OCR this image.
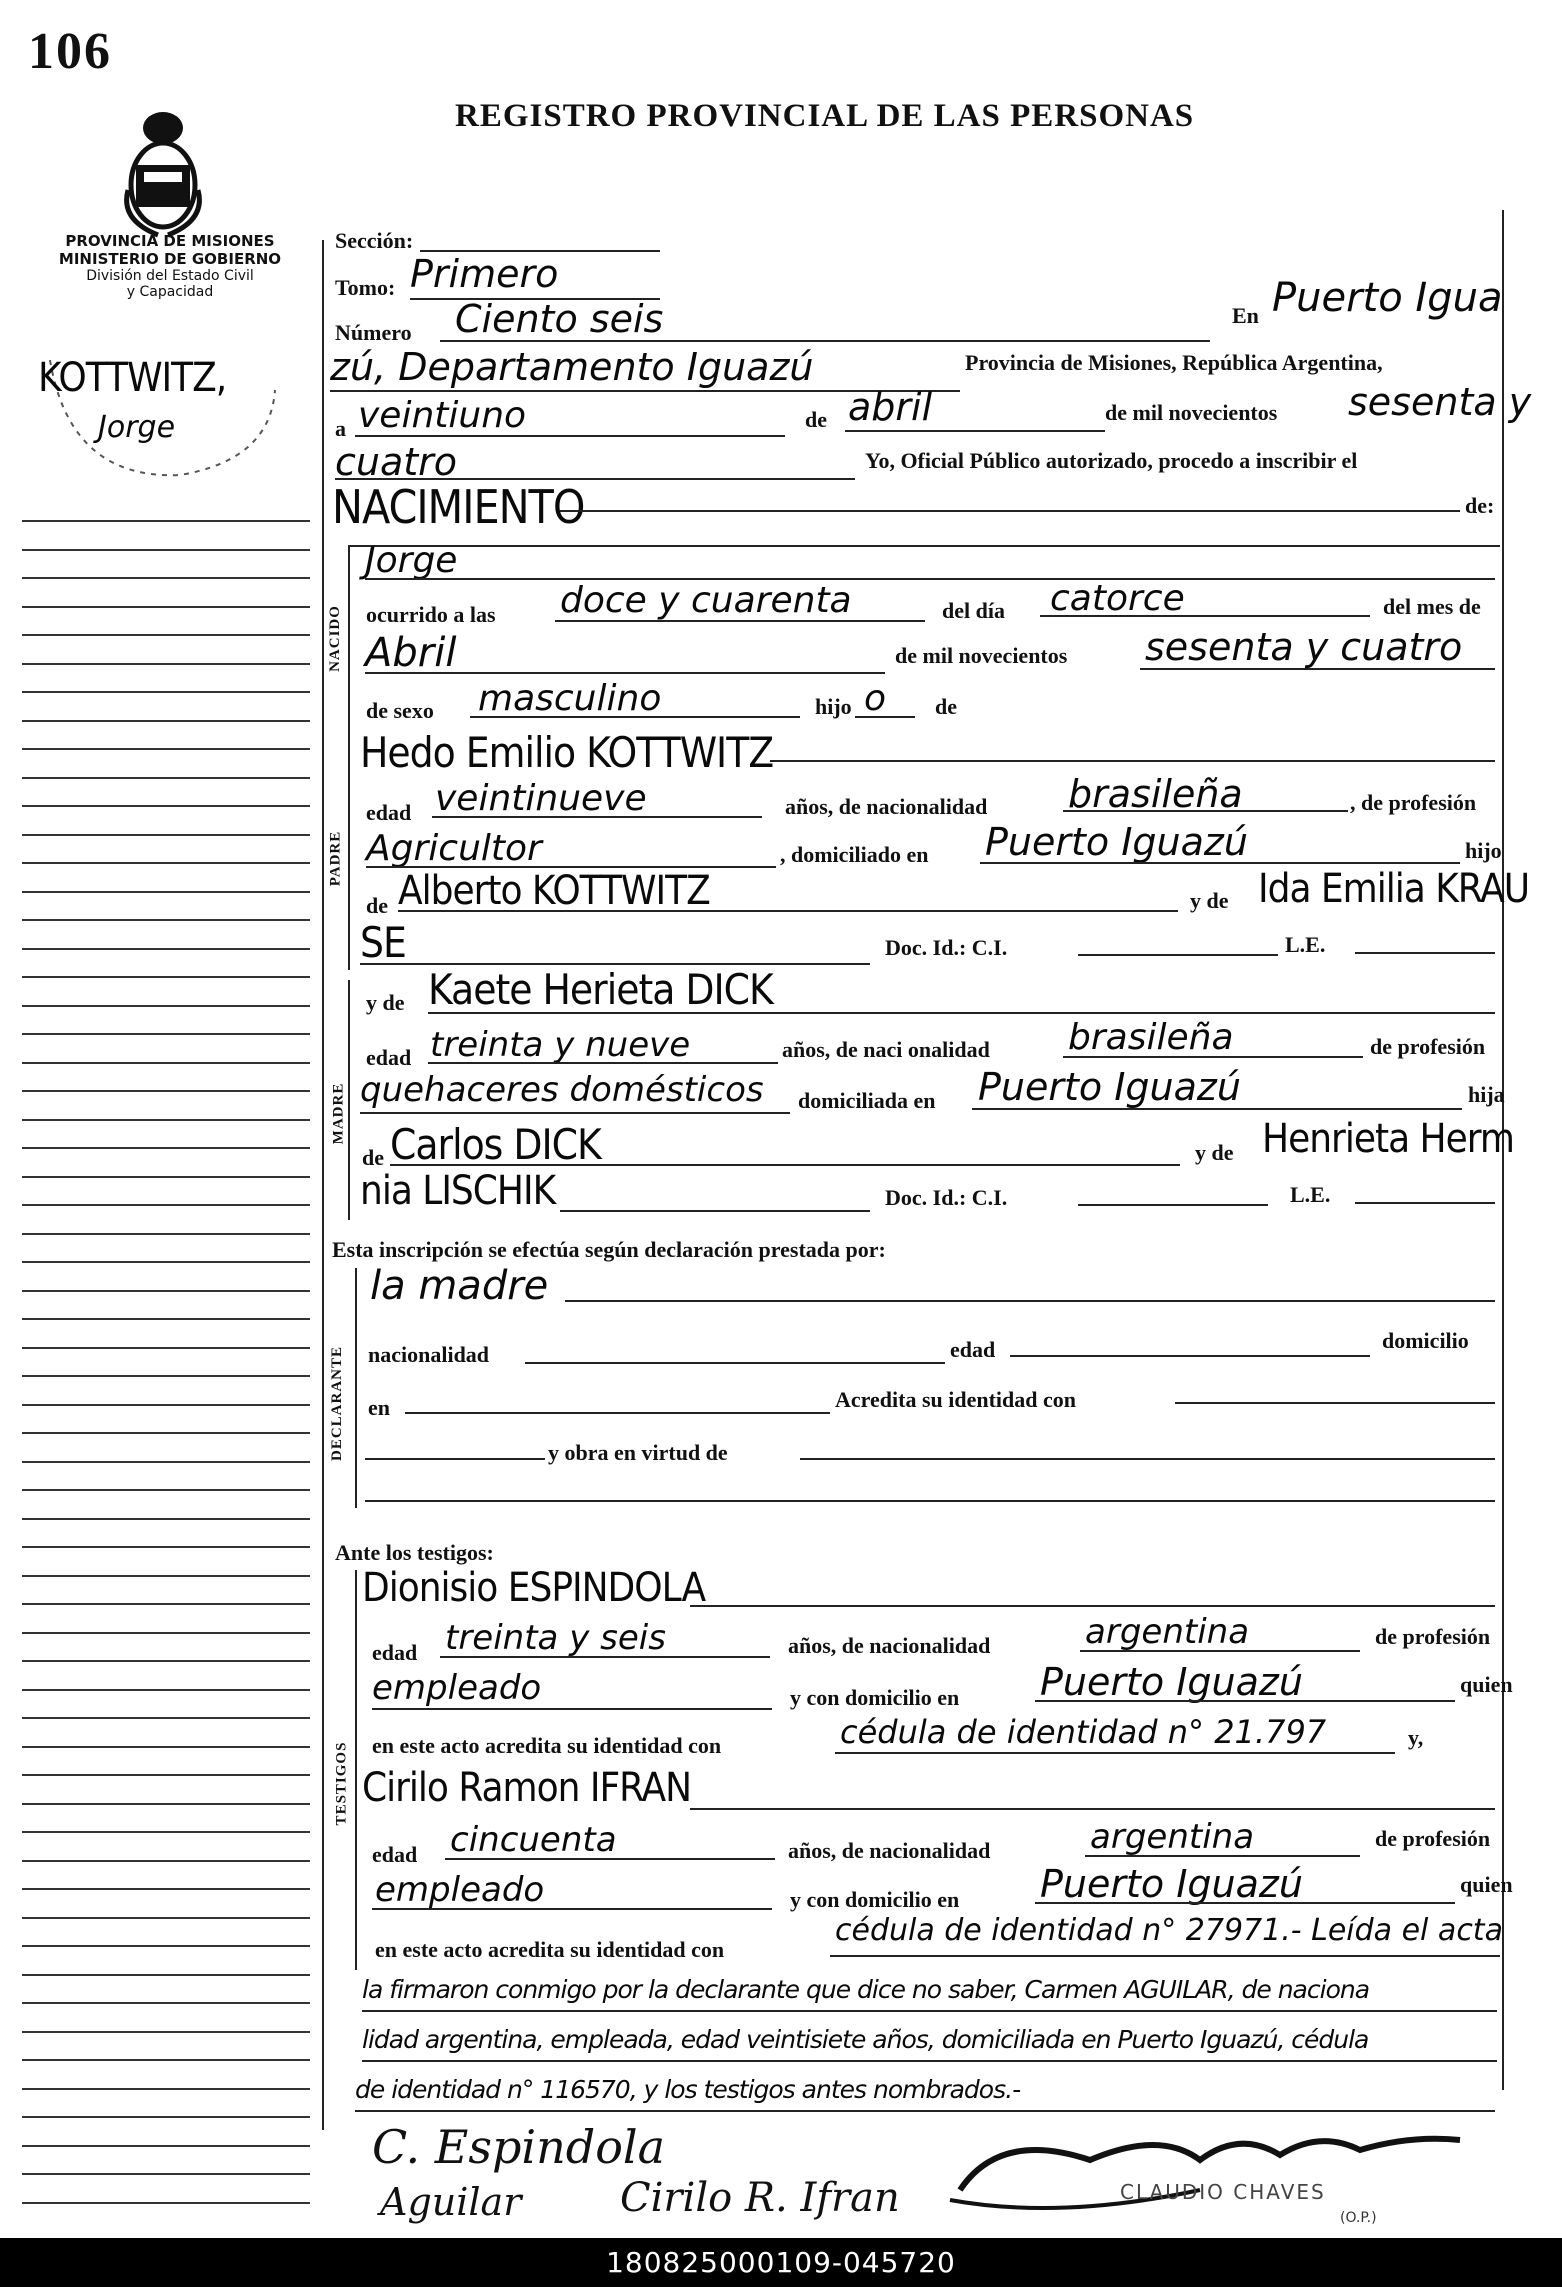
106
REGISTRO PROVINCIAL DE LAS PERSONAS
PROVINCIA DE MISIONES
MINISTERIO DE GOBIERNO
División del Estado Civil
y Capacidad
KOTTWITZ,
Jorge
Sección:
Tomo: Primero
Número Ciento seis	En Puerto Igua
zú, Departamento Iguazú	Provincia de Misiones, República Argentina,
a veintiuno	de abril	de mil novecientos sesenta y
cuatro	Yo, Oficial Público autorizado, procedo a inscribir el
NACIMIENTO	de:
NACIDO
Jorge
ocurrido a las doce y cuarenta	del día catorce	del mes de
Abril	de mil novecientos sesenta y cuatro
de sexo masculino	hijo o de
PADRE
Hedo Emilio KOTTWITZ
edad veintinueve	años, de nacionalidad brasileña	, de profesión
Agricultor	, domiciliado en Puerto Iguazú	hijo
de Alberto KOTTWITZ	y de Ida Emilia KRAU
SE	Doc. Id.: C.I.	L.E.
MADRE
y de Kaete Herieta DICK
edad treinta y nueve	años, de naci onalidad brasileña	de profesión
quehaceres domésticos domiciliada en Puerto Iguazú	hija
de Carlos DICK	y de Henrieta Herm
nia LISCHIK	Doc. Id.: C.I.	L.E.
Esta inscripción se efectúa según declaración prestada por:
DECLARANTE
la madre
nacionalidad	edad	domicilio
en	Acredita su identidad con
y obra en virtud de
Ante los testigos:
TESTIGOS
Dionisio ESPINDOLA
edad treinta y seis	años, de nacionalidad	argentina	de profesión
empleado	y con domicilio en Puerto Iguazú	quien
en este acto acredita su identidad con	cédula de identidad n° 21.797	y,
Cirilo Ramon IFRAN
edad cincuenta	años, de nacionalidad	argentina	de profesión
empleado	y con domicilio en Puerto Iguazú	quien
en este acto acredita su identidad con
cédula de identidad n° 27971.- Leída el acta
la firmaron conmigo por la declarante que dice no saber, Carmen AGUILAR, de naciona
lidad argentina, empleada, edad veintisiete años, domiciliada en Puerto Iguazú, cédula
de identidad n° 116570, y los testigos antes nombrados.-
C. Espindola
Aguilar Cirilo R. Ifran	CLAUDIO CHAVES
(O.P.)
180825000109-045720
